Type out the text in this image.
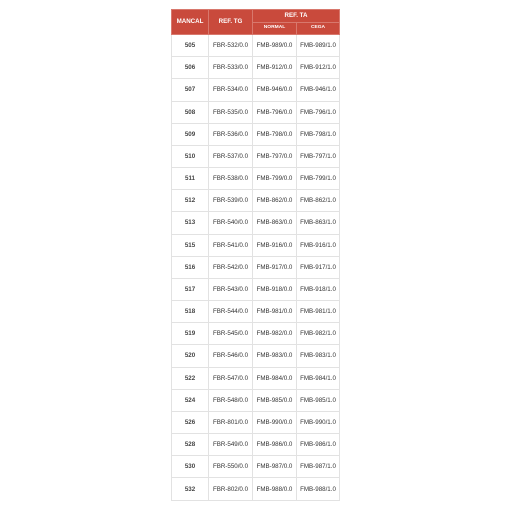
MANCAL	REF. TG	REF. TA	
		NORMAL	CEGA
505	FBR-532/0.0	FMB-989/0.0	FMB-989/1.0
506	FBR-533/0.0	FMB-912/0.0	FMB-912/1.0
507	FBR-534/0.0	FMB-946/0.0	FMB-946/1.0
508	FBR-535/0.0	FMB-796/0.0	FMB-796/1.0
509	FBR-536/0.0	FMB-798/0.0	FMB-798/1.0
510	FBR-537/0.0	FMB-797/0.0	FMB-797/1.0
511	FBR-538/0.0	FMB-799/0.0	FMB-799/1.0
512	FBR-539/0.0	FMB-862/0.0	FMB-862/1.0
513	FBR-540/0.0	FMB-863/0.0	FMB-863/1.0
515	FBR-541/0.0	FMB-916/0.0	FMB-916/1.0
516	FBR-542/0.0	FMB-917/0.0	FMB-917/1.0
517	FBR-543/0.0	FMB-918/0.0	FMB-918/1.0
518	FBR-544/0.0	FMB-981/0.0	FMB-981/1.0
519	FBR-545/0.0	FMB-982/0.0	FMB-982/1.0
520	FBR-546/0.0	FMB-983/0.0	FMB-983/1.0
522	FBR-547/0.0	FMB-984/0.0	FMB-984/1.0
524	FBR-548/0.0	FMB-985/0.0	FMB-985/1.0
526	FBR-801/0.0	FMB-990/0.0	FMB-990/1.0
528	FBR-549/0.0	FMB-986/0.0	FMB-986/1.0
530	FBR-550/0.0	FMB-987/0.0	FMB-987/1.0
532	FBR-802/0.0	FMB-988/0.0	FMB-988/1.0
